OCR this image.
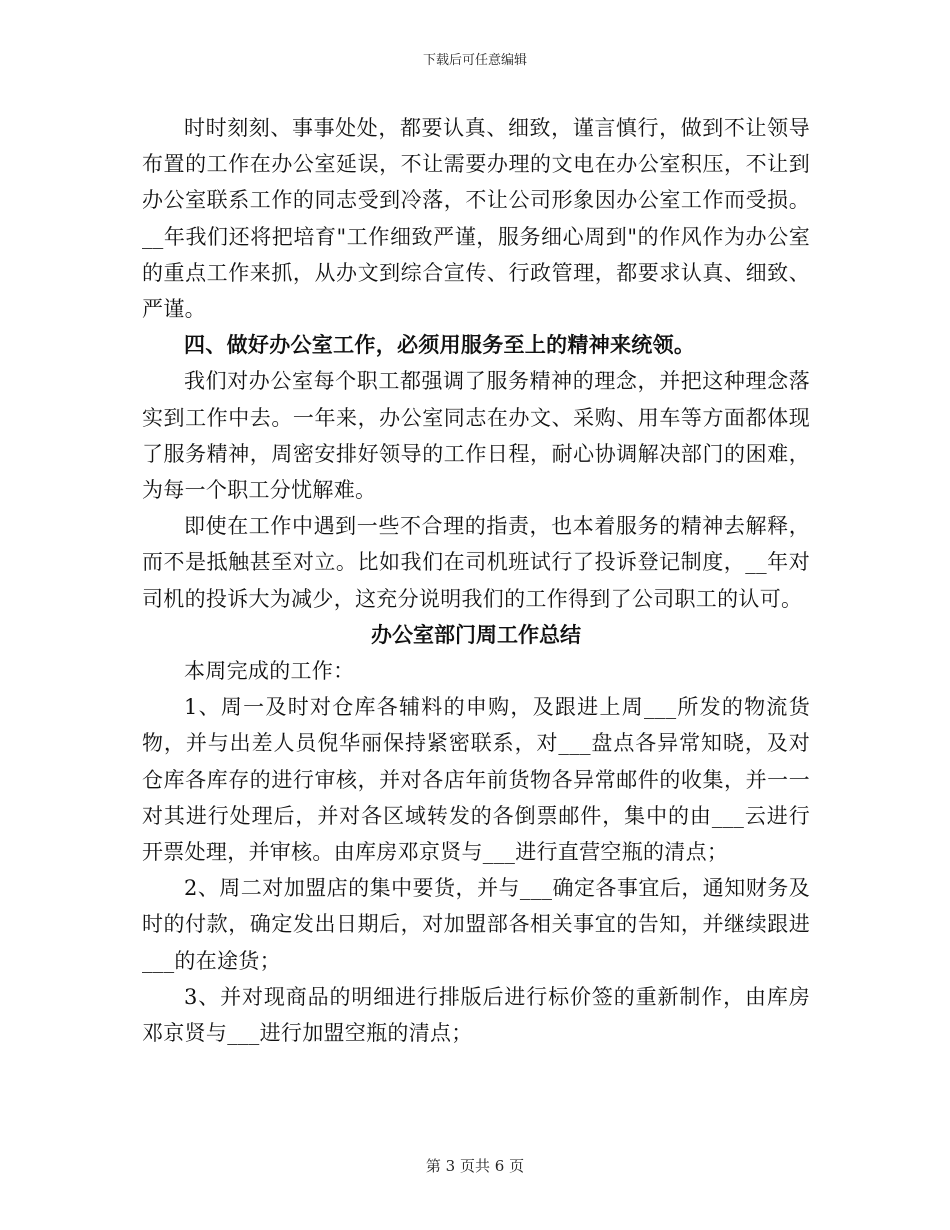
下载后可任意编辑

时时刻刻、事事处处，都要认真、细致，谨言慎行，做到不让领导布置的工作在办公室延误，不让需要办理的文电在办公室积压，不让到办公室联系工作的同志受到冷落，不让公司形象因办公室工作而受损。__年我们还将把培育"工作细致严谨，服务细心周到"的作风作为办公室的重点工作来抓，从办文到综合宣传、行政管理，都要求认真、细致、严谨。

四、做好办公室工作，必须用服务至上的精神来统领。

我们对办公室每个职工都强调了服务精神的理念，并把这种理念落实到工作中去。一年来，办公室同志在办文、采购、用车等方面都体现了服务精神，周密安排好领导的工作日程，耐心协调解决部门的困难，为每一个职工分忧解难。

即使在工作中遇到一些不合理的指责，也本着服务的精神去解释，而不是抵触甚至对立。比如我们在司机班试行了投诉登记制度，__年对司机的投诉大为减少，这充分说明我们的工作得到了公司职工的认可。

办公室部门周工作总结

本周完成的工作：

1、周一及时对仓库各辅料的申购，及跟进上周___所发的物流货物，并与出差人员倪华丽保持紧密联系，对___盘点各异常知晓，及对仓库各库存的进行审核，并对各店年前货物各异常邮件的收集，并一一对其进行处理后，并对各区域转发的各倒票邮件，集中的由___云进行开票处理，并审核。由库房邓京贤与___进行直营空瓶的清点；

2、周二对加盟店的集中要货，并与___确定各事宜后，通知财务及时的付款，确定发出日期后，对加盟部各相关事宜的告知，并继续跟进___的在途货；

3、并对现商品的明细进行排版后进行标价签的重新制作，由库房邓京贤与___进行加盟空瓶的清点；

第 3 页共 6 页
